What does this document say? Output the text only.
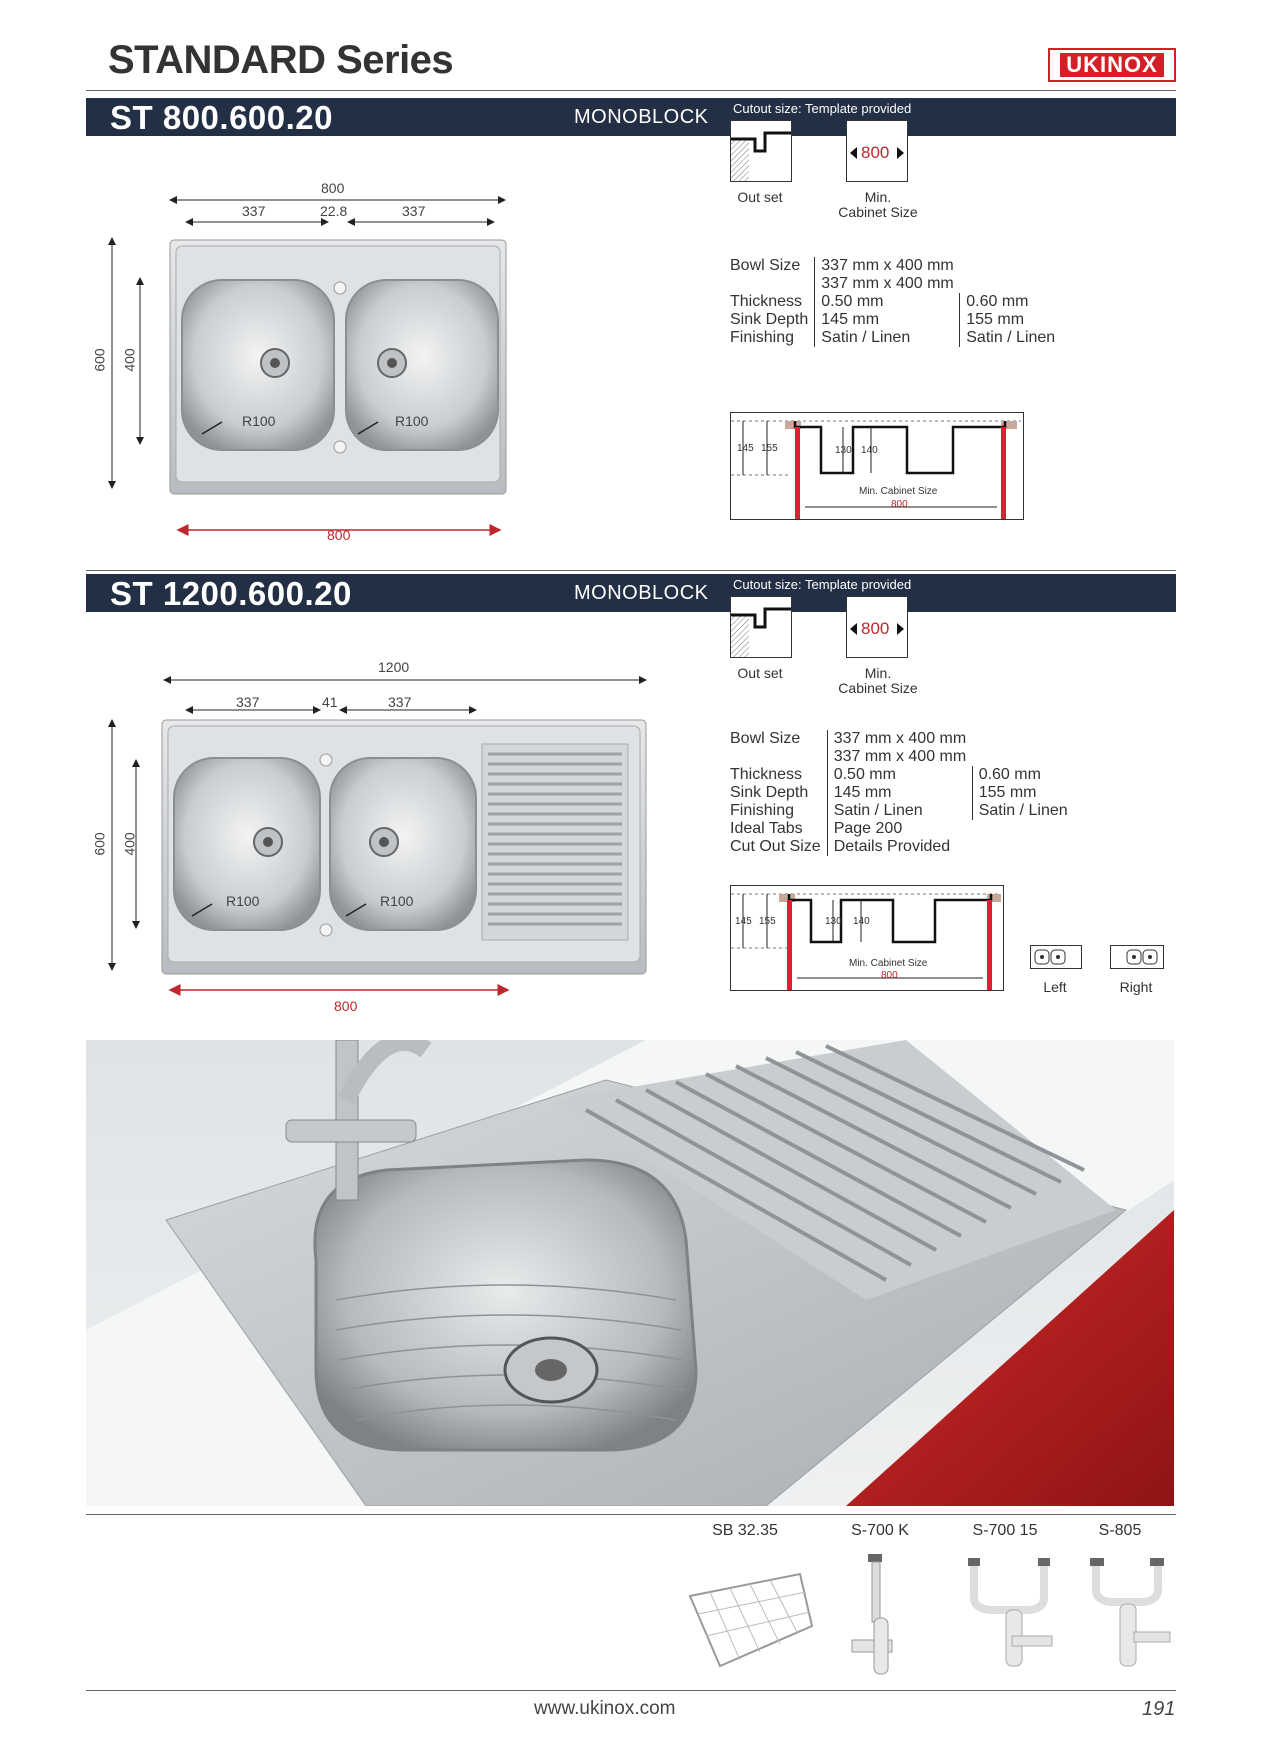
STANDARD Series	UKINOX
ST 800.600.20	MONOBLOCK Cutout size: Template provided
Out set
800
Min.
Cabinet Size
800
337	22.8	337
600 400
R100	R100
800
Bowl Size	337 mm x 400 mm	
	337 mm x 400 mm	
Thickness	0.50 mm	0.60 mm
Sink Depth	145 mm	155 mm
Finishing	Satin / Linen	Satin / Linen
145 155	130 140
Min. Cabinet Size
800
ST 1200.600.20	MONOBLOCK Cutout size: Template provided
Out set
800
Min.
Cabinet Size
1200
337	41	337
600 400
R100	R100
800
Bowl Size	337 mm x 400 mm	
	337 mm x 400 mm	
Thickness	0.50 mm	0.60 mm
Sink Depth	145 mm	155 mm
Finishing	Satin / Linen	Satin / Linen
Ideal Tabs	Page 200	
Cut Out Size	Details Provided	
145 155	130 140
Min. Cabinet Size
800
Left	Right
SB 32.35	S-700 K	S-700 15	S-805
www.ukinox.com	191
